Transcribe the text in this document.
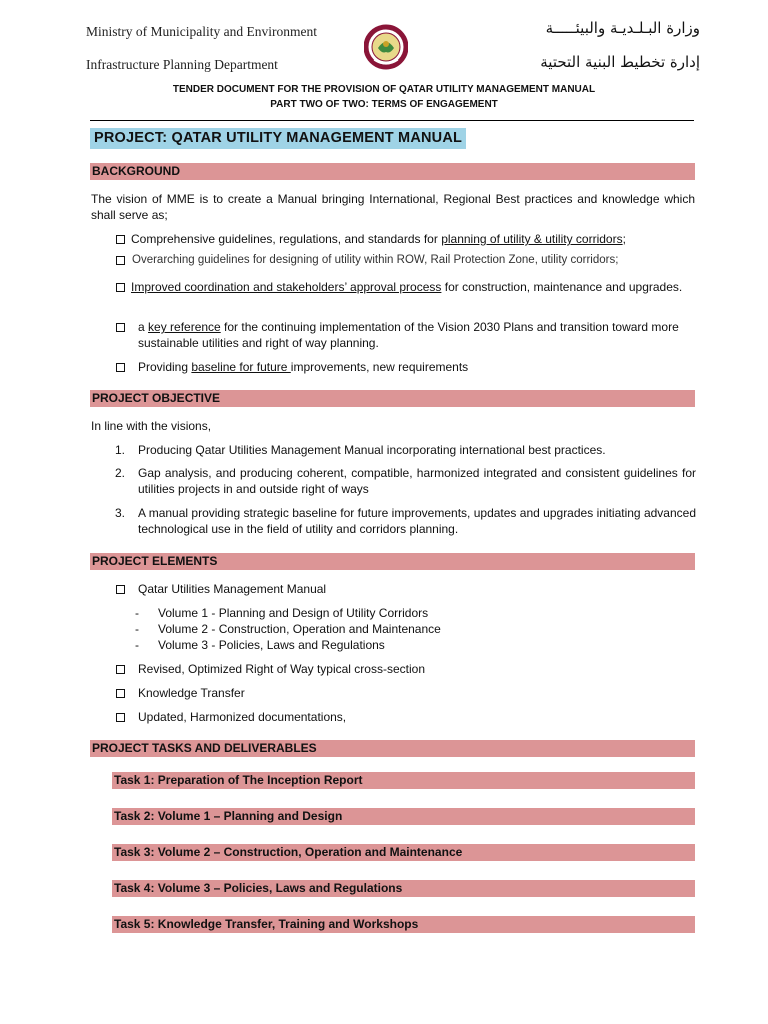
Ministry of Municipality and Environment
Infrastructure Planning Department
وزارة البـلـديـة والبيئـــــة
إدارة تخطيط البنية التحتية
TENDER DOCUMENT FOR THE PROVISION OF QATAR UTILITY MANAGEMENT MANUAL
PART TWO OF TWO: TERMS OF ENGAGEMENT
PROJECT: QATAR UTILITY MANAGEMENT MANUAL
BACKGROUND
The vision of MME is to create a Manual bringing International, Regional Best practices and knowledge which shall serve as;
Comprehensive guidelines, regulations, and standards for planning of utility & utility corridors;
Overarching guidelines for designing of utility within ROW, Rail Protection Zone, utility corridors;
Improved coordination and stakeholders’ approval process for construction, maintenance and upgrades.
a key reference for the continuing implementation of the Vision 2030 Plans and transition toward more sustainable utilities and right of way planning.
Providing baseline for future improvements, new requirements
PROJECT OBJECTIVE
In line with the visions,
1. Producing Qatar Utilities Management Manual incorporating international best practices.
2. Gap analysis, and producing coherent, compatible, harmonized integrated and consistent guidelines for utilities projects in and outside right of ways
3. A manual providing strategic baseline for future improvements, updates and upgrades initiating advanced technological use in the field of utility and corridors planning.
PROJECT ELEMENTS
Qatar Utilities Management Manual
- Volume 1 - Planning and Design of Utility Corridors
- Volume 2 - Construction, Operation and Maintenance
- Volume 3 - Policies, Laws and Regulations
Revised, Optimized Right of Way typical cross-section
Knowledge Transfer
Updated, Harmonized documentations,
PROJECT TASKS AND DELIVERABLES
Task 1: Preparation of The Inception Report
Task 2: Volume 1 – Planning and Design
Task 3: Volume 2 – Construction, Operation and Maintenance
Task 4: Volume 3 – Policies, Laws and Regulations
Task 5: Knowledge Transfer, Training and Workshops
